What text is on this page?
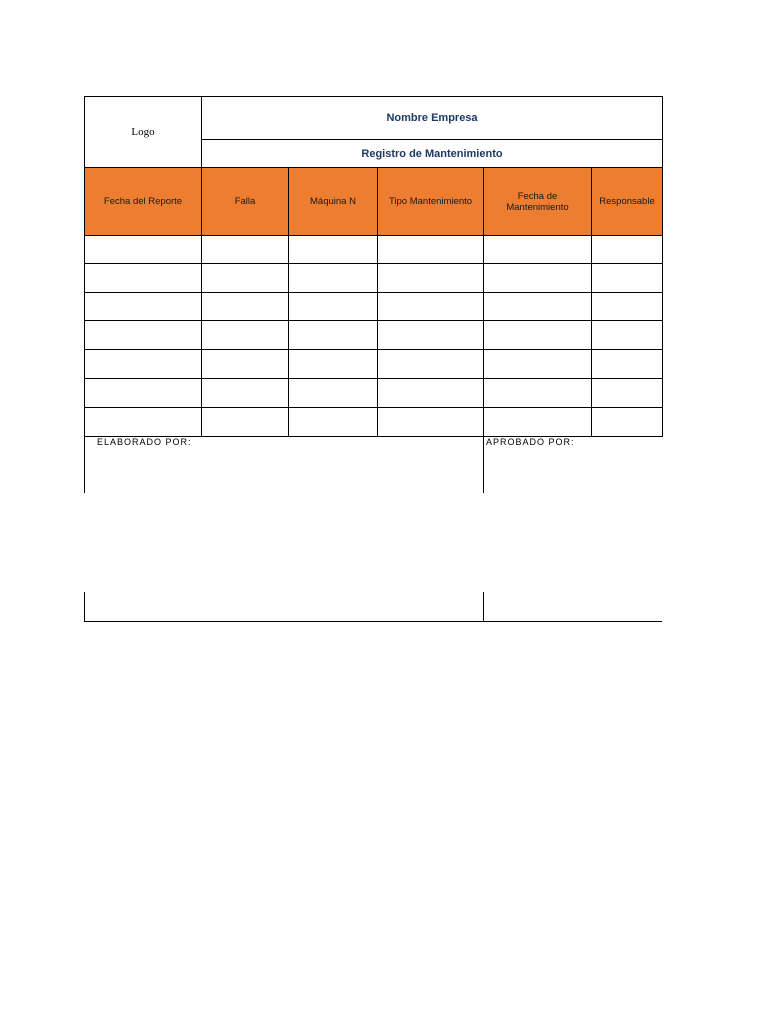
Logo
Nombre Empresa
Registro de Mantenimiento
Fecha del Reporte	Falla	Máquina N	Tipo Mantenimiento	Fecha de Mantenimiento	Responsable
ELABORADO POR:	APROBADO POR:
